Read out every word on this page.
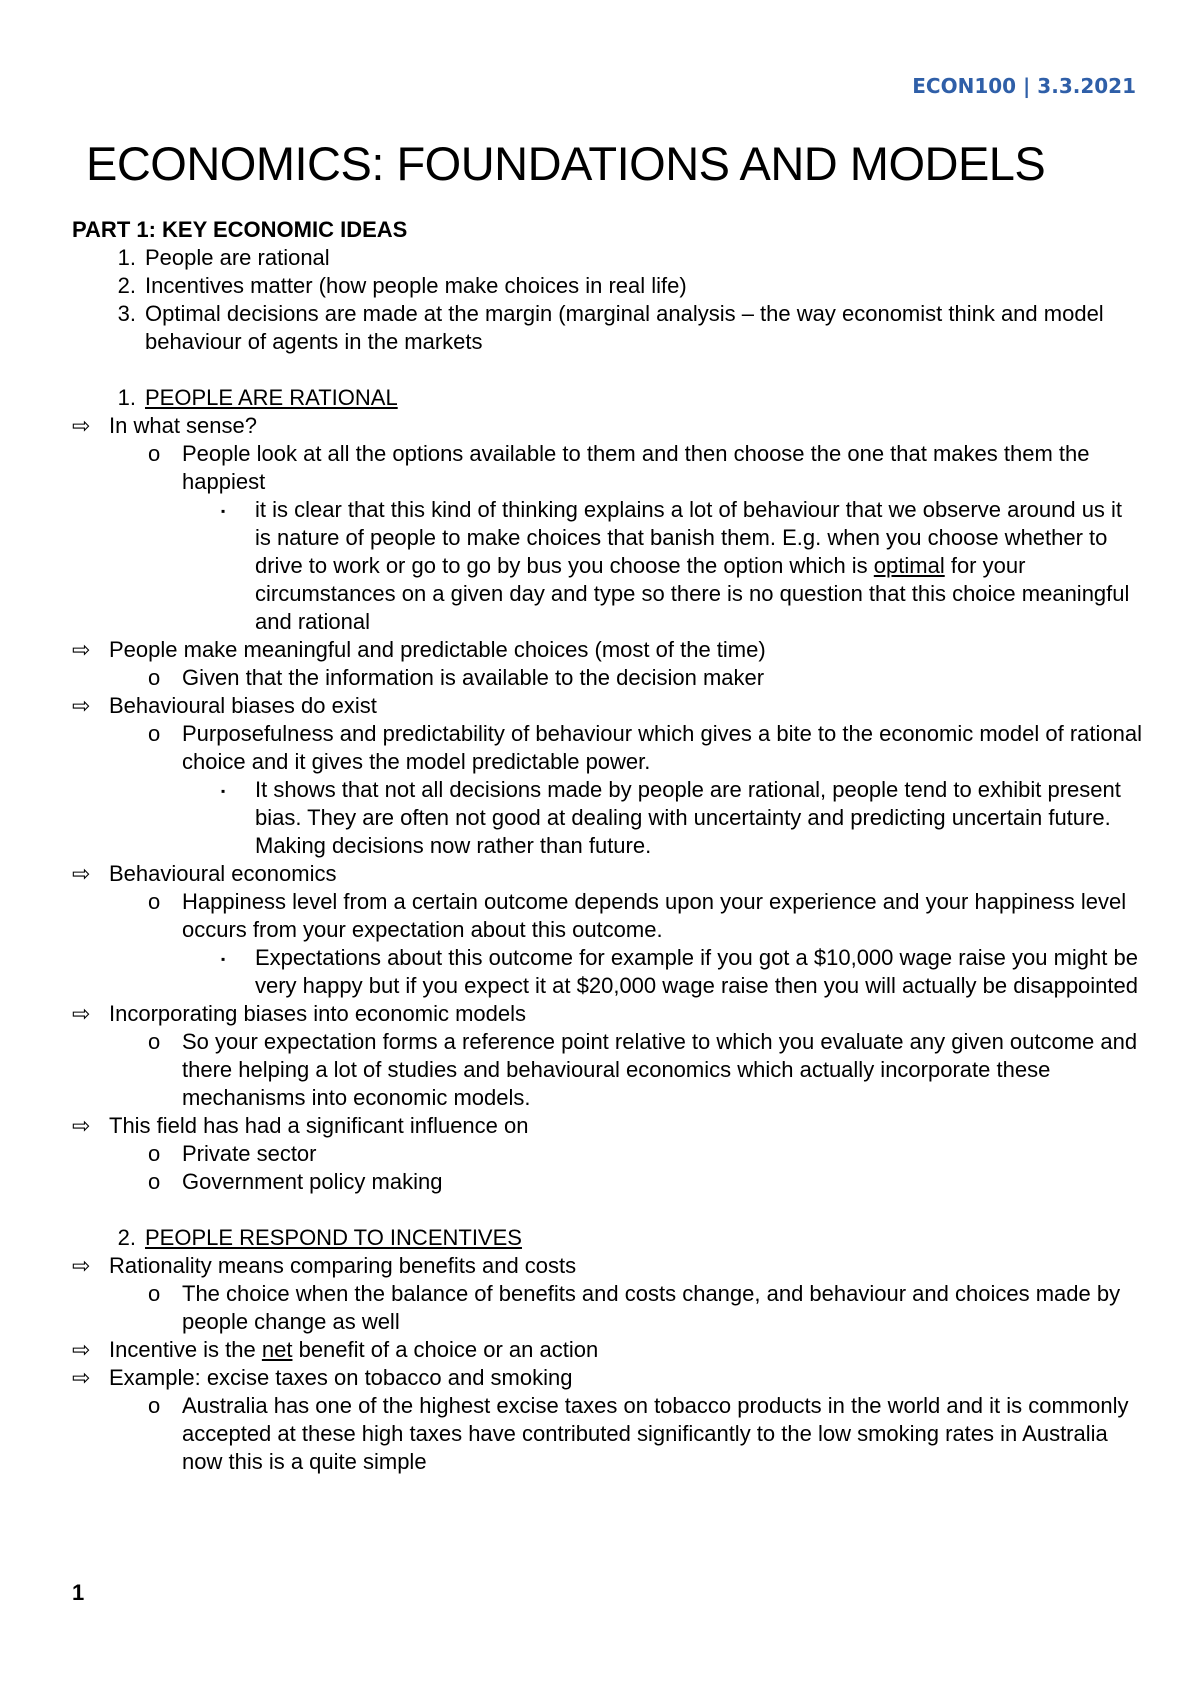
ECON100 | 3.3.2021
ECONOMICS: FOUNDATIONS AND MODELS
PART 1: KEY ECONOMIC IDEAS
1. People are rational
2. Incentives matter (how people make choices in real life)
3. Optimal decisions are made at the margin (marginal analysis – the way economist think and model behaviour of agents in the markets
1. PEOPLE ARE RATIONAL
⇨ In what sense?
o People look at all the options available to them and then choose the one that makes them the happiest
▪ it is clear that this kind of thinking explains a lot of behaviour that we observe around us it is nature of people to make choices that banish them. E.g. when you choose whether to drive to work or go to go by bus you choose the option which is optimal for your circumstances on a given day and type so there is no question that this choice meaningful and rational
⇨ People make meaningful and predictable choices (most of the time)
o Given that the information is available to the decision maker
⇨ Behavioural biases do exist
o Purposefulness and predictability of behaviour which gives a bite to the economic model of rational choice and it gives the model predictable power.
▪ It shows that not all decisions made by people are rational, people tend to exhibit present bias. They are often not good at dealing with uncertainty and predicting uncertain future. Making decisions now rather than future.
⇨ Behavioural economics
o Happiness level from a certain outcome depends upon your experience and your happiness level occurs from your expectation about this outcome.
▪ Expectations about this outcome for example if you got a $10,000 wage raise you might be very happy but if you expect it at $20,000 wage raise then you will actually be disappointed
⇨ Incorporating biases into economic models
o So your expectation forms a reference point relative to which you evaluate any given outcome and there helping a lot of studies and behavioural economics which actually incorporate these mechanisms into economic models.
⇨ This field has had a significant influence on
o Private sector
o Government policy making
2. PEOPLE RESPOND TO INCENTIVES
⇨ Rationality means comparing benefits and costs
o The choice when the balance of benefits and costs change, and behaviour and choices made by people change as well
⇨ Incentive is the net benefit of a choice or an action
⇨ Example: excise taxes on tobacco and smoking
o Australia has one of the highest excise taxes on tobacco products in the world and it is commonly accepted at these high taxes have contributed significantly to the low smoking rates in Australia now this is a quite simple
1
